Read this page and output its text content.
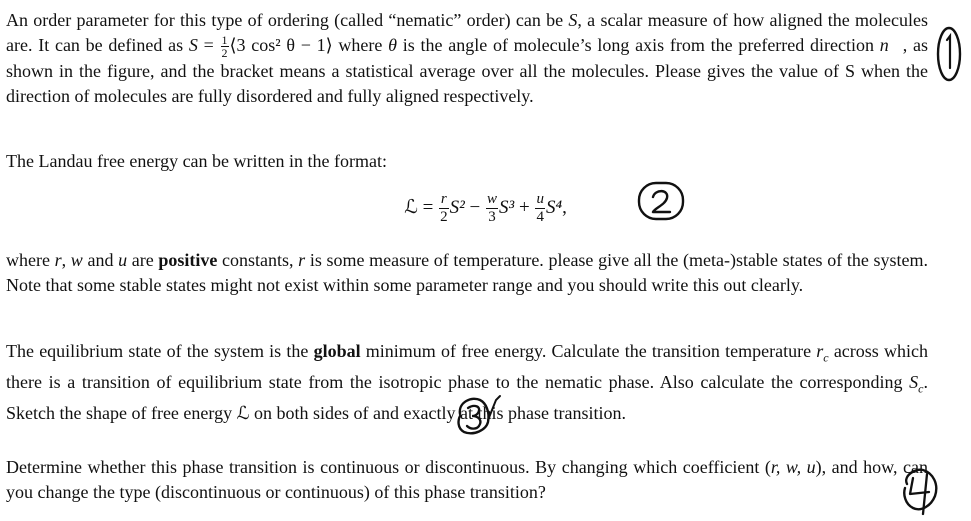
An order parameter for this type of ordering (called “nematic” order) can be S, a scalar measure of how aligned the molecules are. It can be defined as $S = \frac{1}{2}$ ⟨3 cos² θ − 1⟩ where θ is the angle of molecule’s long axis from the preferred direction n⃗, as shown in the figure, and the bracket means a statistical average over all the molecules. Please gives the value of S when the direction of molecules are fully disordered and fully aligned respectively.
The Landau free energy can be written in the format:
ℒ = $\frac{r}{2} S^2 - \frac{w}{3} S^3 + \frac{u}{4} S^4$,
where r, w and u are positive constants, r is some measure of temperature. please give all the (meta-)stable states of the system. Note that some stable states might not exist within some parameter range and you should write this out clearly.
The equilibrium state of the system is the global minimum of free energy. Calculate the transition temperature $r_c$ across which there is a transition of equilibrium state from the isotropic phase to the nematic phase. Also calculate the corresponding $S_c$. Sketch the shape of free energy ℒ on both sides of and exactly at this phase transition.
Determine whether this phase transition is continuous or discontinuous. By changing which coefficient (r, w, u), and how, can you change the type (discontinuous or continuous) of this phase transition?
